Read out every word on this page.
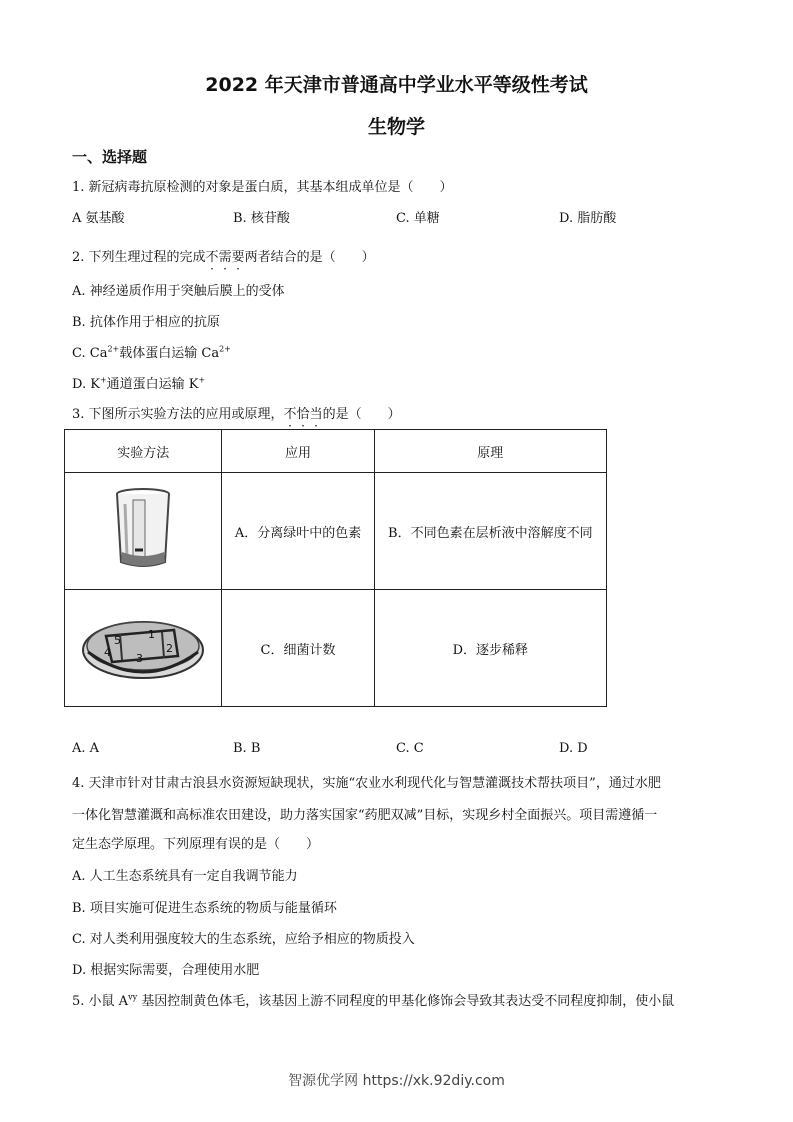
2022 年天津市普通高中学业水平等级性考试
生物学
一、选择题
1. 新冠病毒抗原检测的对象是蛋白质，其基本组成单位是（　　）
A 氨基酸	B. 核苷酸	C. 单糖	D. 脂肪酸
2. 下列生理过程的完成不需要两者结合的是（　　）
A. 神经递质作用于突触后膜上的受体
B. 抗体作用于相应的抗原
C. $Ca^{2+}$载体蛋白运输 $Ca^{2+}$
D. K+通道蛋白运输 K+
3. 下图所示实验方法的应用或原理，不恰当的是（　　）
实验方法	应用	原理
	A．分离绿叶中的色素	B．不同色素在层析液中溶解度不同

5 1
4 2
3	C．细菌计数	D．逐步稀释
A. A	B. B	C. C	D. D
4. 天津市针对甘肃古浪县水资源短缺现状，实施“农业水利现代化与智慧灌溉技术帮扶项目”，通过水肥
一体化智慧灌溉和高标准农田建设，助力落实国家“药肥双减”目标，实现乡村全面振兴。项目需遵循一
定生态学原理。下列原理有误的是（　　）
A. 人工生态系统具有一定自我调节能力
B. 项目实施可促进生态系统的物质与能量循环
C. 对人类利用强度较大的生态系统，应给予相应的物质投入
D. 根据实际需要，合理使用水肥
5. 小鼠 $A^{vy}$ 基因控制黄色体毛，该基因上游不同程度的甲基化修饰会导致其表达受不同程度抑制，使小鼠
智源优学网 https://xk.92diy.com
